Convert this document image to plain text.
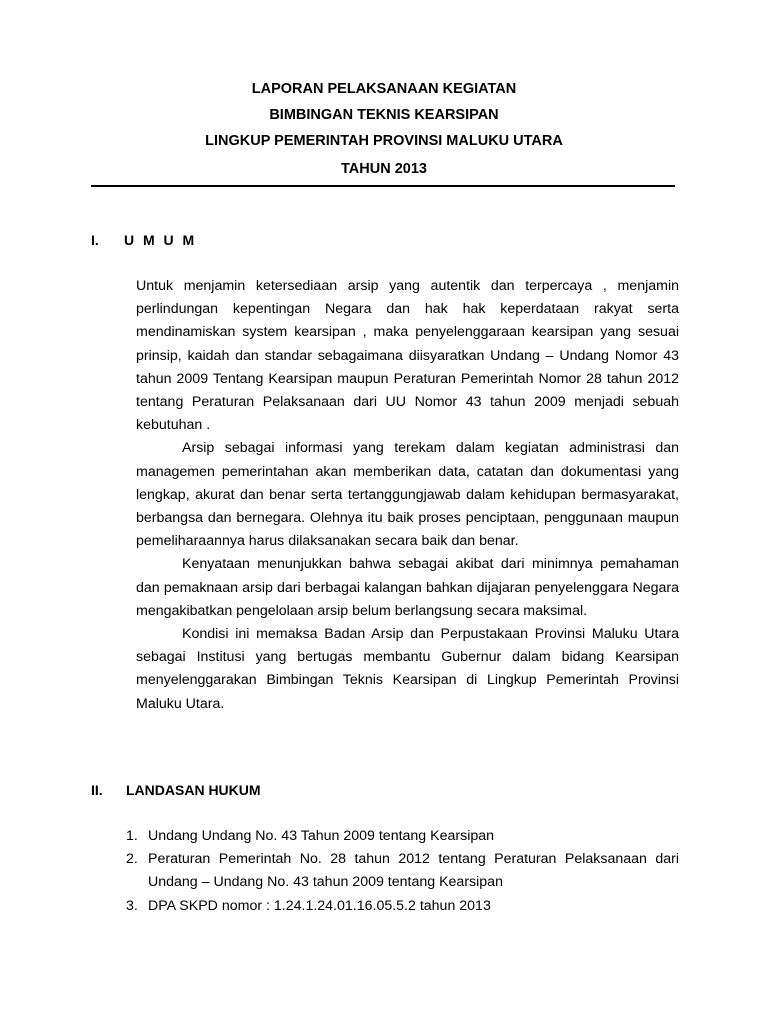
LAPORAN PELAKSANAAN KEGIATAN
BIMBINGAN TEKNIS KEARSIPAN
LINGKUP PEMERINTAH PROVINSI MALUKU UTARA
TAHUN 2013
I. U M U M

Untuk menjamin ketersediaan arsip yang autentik dan terpercaya , menjamin perlindungan kepentingan Negara dan hak hak keperdataan rakyat serta mendinamiskan system kearsipan , maka penyelenggaraan kearsipan yang sesuai prinsip, kaidah dan standar sebagaimana diisyaratkan Undang – Undang Nomor 43 tahun 2009 Tentang Kearsipan maupun Peraturan Pemerintah Nomor 28 tahun 2012 tentang Peraturan Pelaksanaan dari UU Nomor 43 tahun 2009 menjadi sebuah kebutuhan .

Arsip sebagai informasi yang terekam dalam kegiatan administrasi dan managemen pemerintahan akan memberikan data, catatan dan dokumentasi yang lengkap, akurat dan benar serta tertanggungjawab dalam kehidupan bermasyarakat, berbangsa dan bernegara. Olehnya itu baik proses penciptaan, penggunaan maupun pemeliharaannya harus dilaksanakan secara baik dan benar.

Kenyataan menunjukkan bahwa sebagai akibat dari minimnya pemahaman dan pemaknaan arsip dari berbagai kalangan bahkan dijajaran penyelenggara Negara mengakibatkan pengelolaan arsip belum berlangsung secara maksimal.

Kondisi ini memaksa Badan Arsip dan Perpustakaan Provinsi Maluku Utara sebagai Institusi yang bertugas membantu Gubernur dalam bidang Kearsipan menyelenggarakan Bimbingan Teknis Kearsipan di Lingkup Pemerintah Provinsi Maluku Utara.

II. LANDASAN HUKUM
1. Undang Undang No. 43 Tahun 2009 tentang Kearsipan
2. Peraturan Pemerintah No. 28 tahun 2012 tentang Peraturan Pelaksanaan dari Undang – Undang No. 43 tahun 2009 tentang Kearsipan
3. DPA SKPD nomor : 1.24.1.24.01.16.05.5.2 tahun 2013
